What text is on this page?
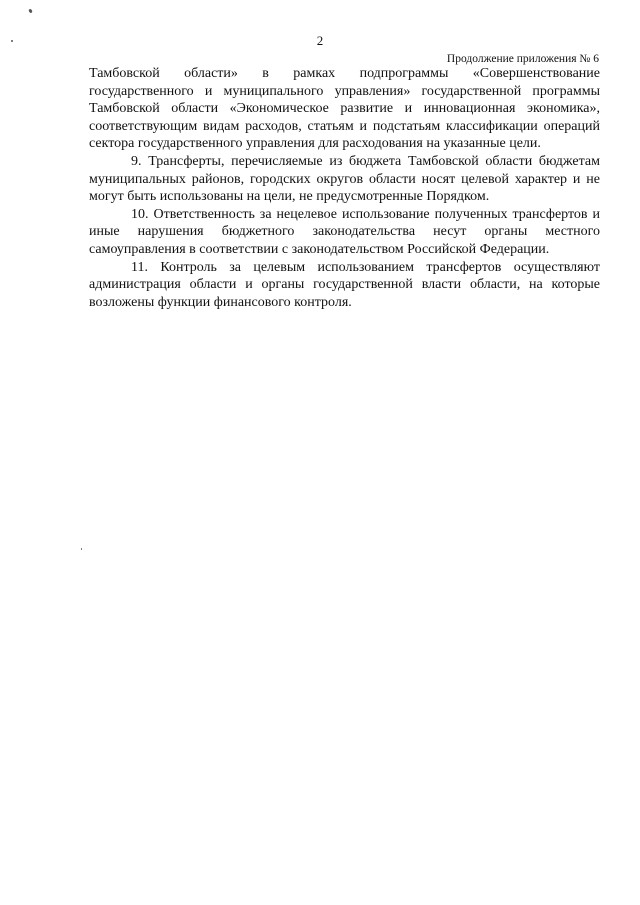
2
Продолжение приложения № 6

Тамбовской области» в рамках подпрограммы «Совершенствование государственного и муниципального управления» государственной программы Тамбовской области «Экономическое развитие и инновационная экономика», соответствующим видам расходов, статьям и подстатьям классификации операций сектора государственного управления для расходования на указанные цели.

9. Трансферты, перечисляемые из бюджета Тамбовской области бюджетам муниципальных районов, городских округов области носят целевой характер и не могут быть использованы на цели, не предусмотренные Порядком.

10. Ответственность за нецелевое использование полученных трансфертов и иные нарушения бюджетного законодательства несут органы местного самоуправления в соответствии с законодательством Российской Федерации.

11. Контроль за целевым использованием трансфертов осуществляют администрация области и органы государственной власти области, на которые возложены функции финансового контроля.
